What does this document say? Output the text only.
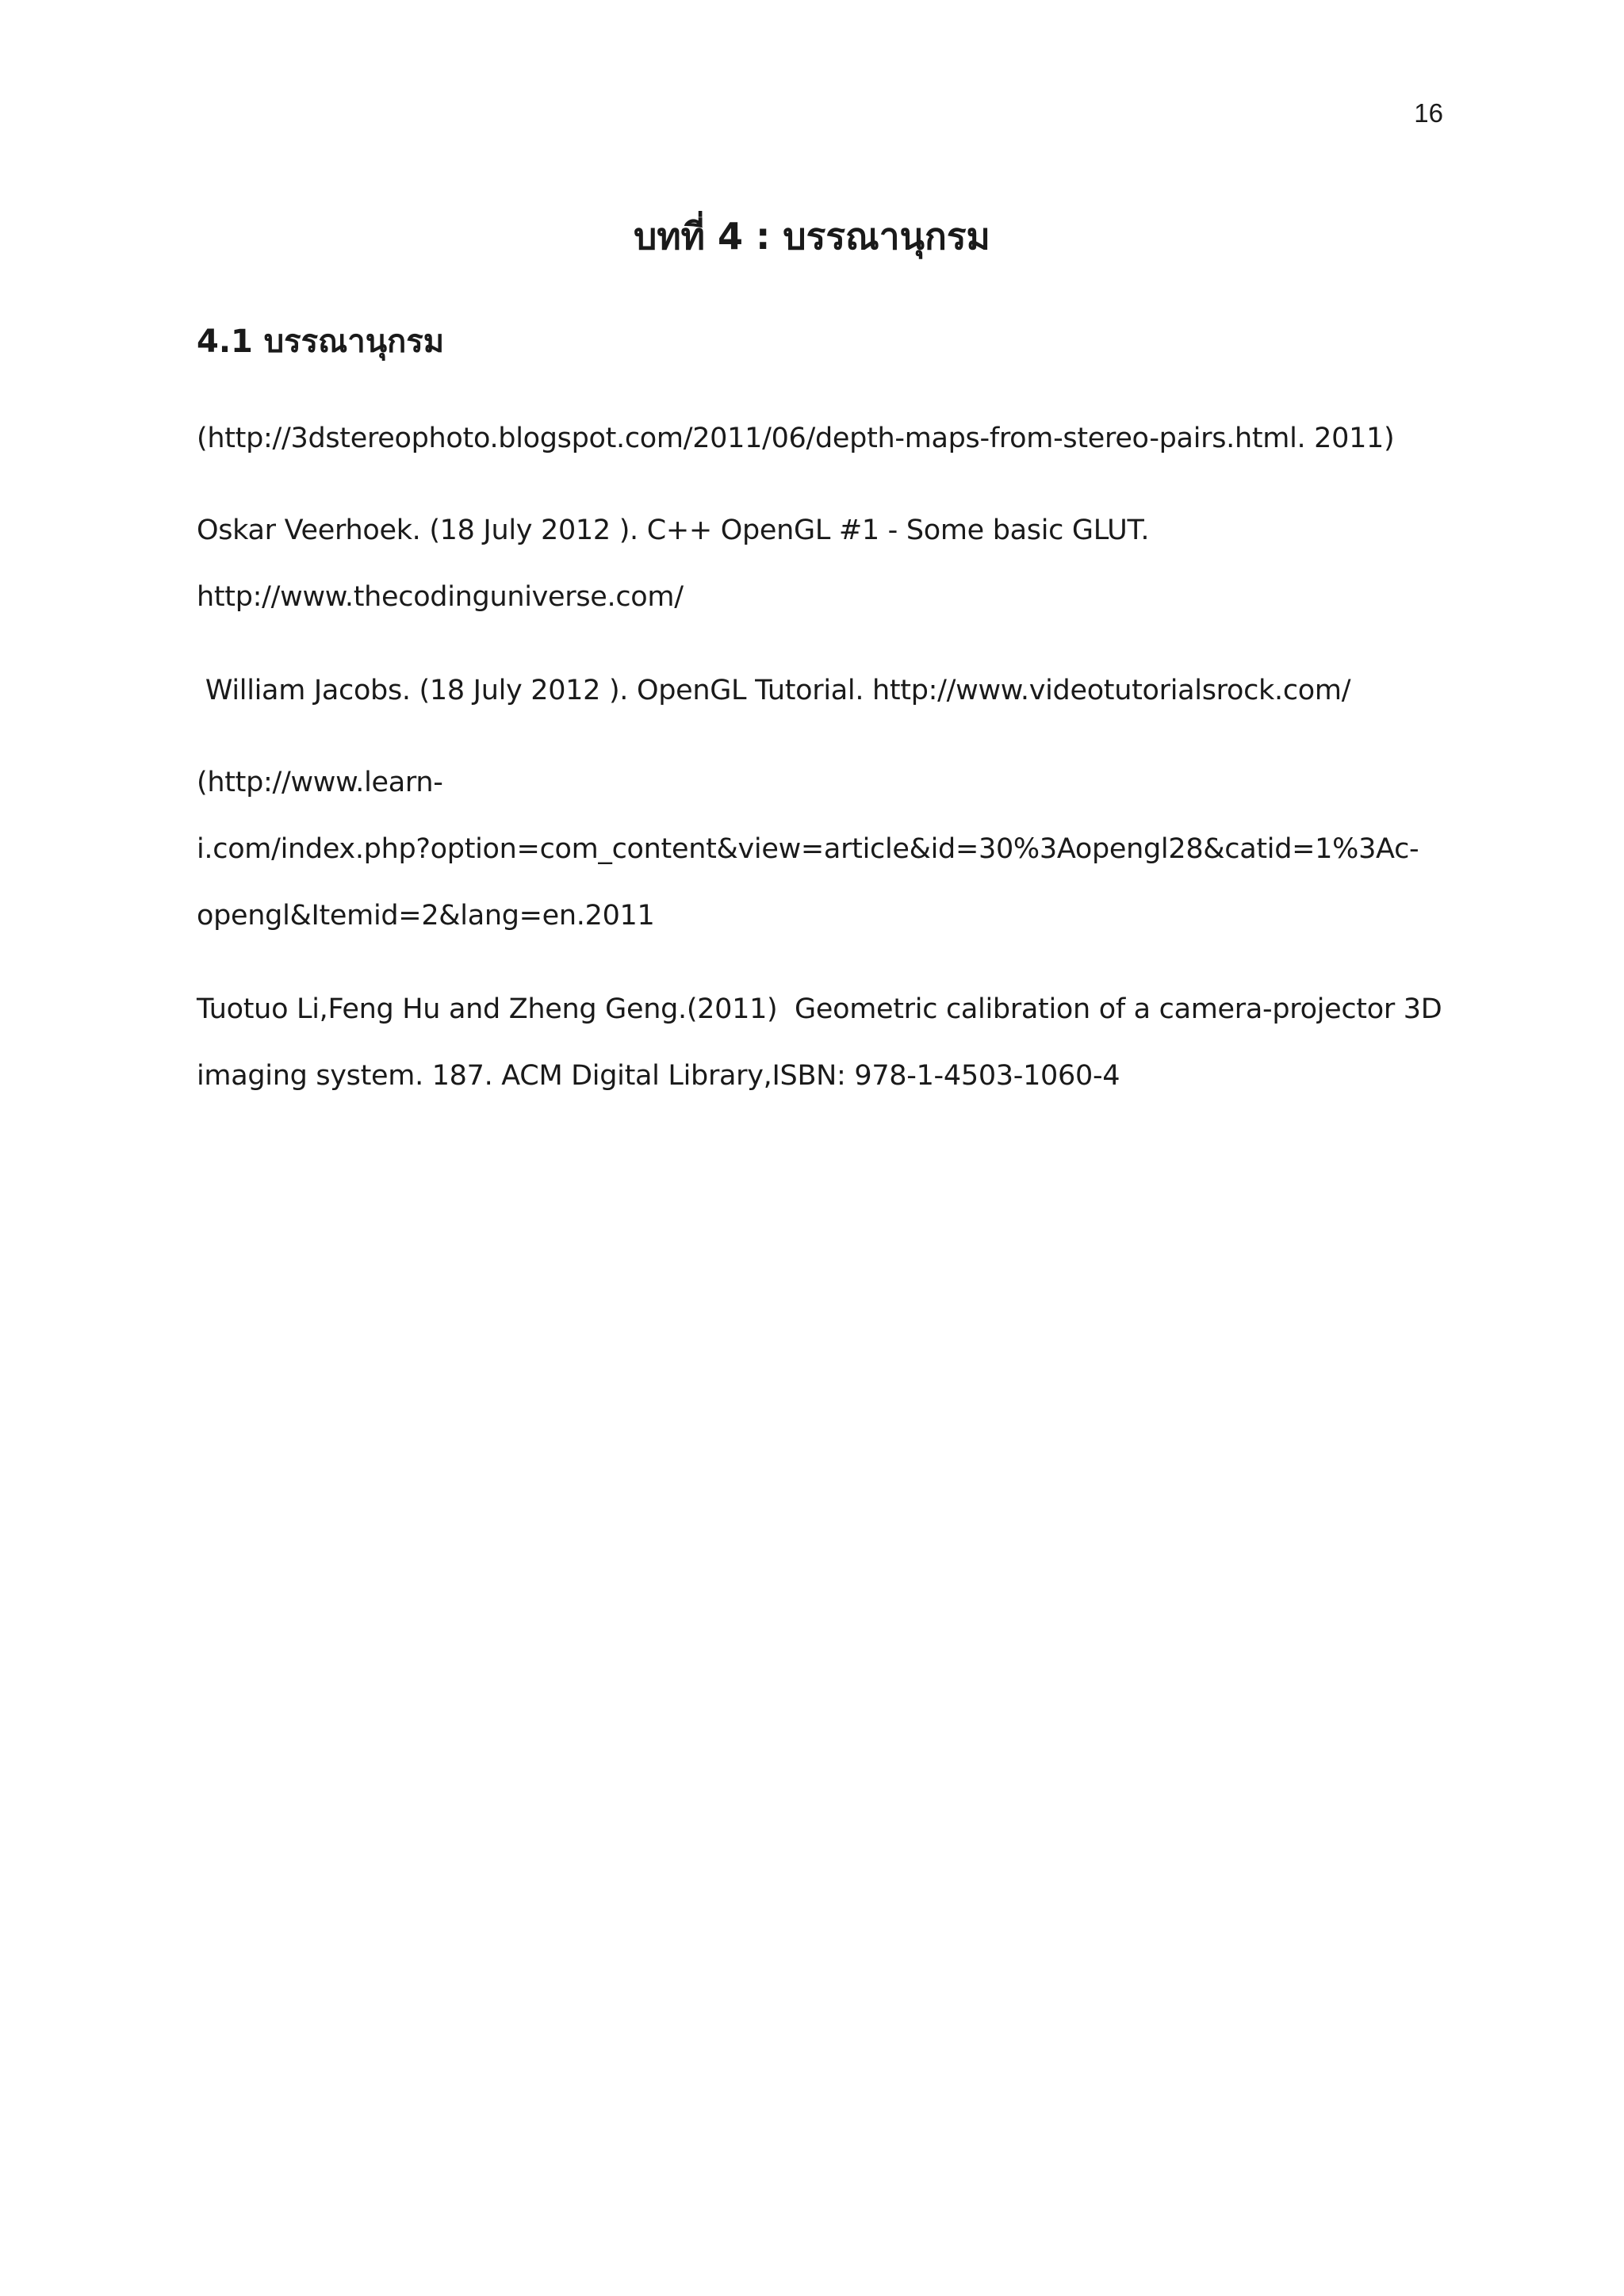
16
บทที่ 4 : บรรณานุกรม
4.1 บรรณานุกรม
(http://3dstereophoto.blogspot.com/2011/06/depth-maps-from-stereo-pairs.html. 2011)
Oskar Veerhoek. (18 July 2012 ). C++ OpenGL #1 - Some basic GLUT.
http://www.thecodinguniverse.com/
William Jacobs. (18 July 2012 ). OpenGL Tutorial. http://www.videotutorialsrock.com/
(http://www.learn-
i.com/index.php?option=com_content&view=article&id=30%3Aopengl28&catid=1%3Ac-
opengl&Itemid=2&lang=en.2011
Tuotuo Li,Feng Hu and Zheng Geng.(2011)  Geometric calibration of a camera-projector 3D
imaging system. 187. ACM Digital Library,ISBN: 978-1-4503-1060-4
